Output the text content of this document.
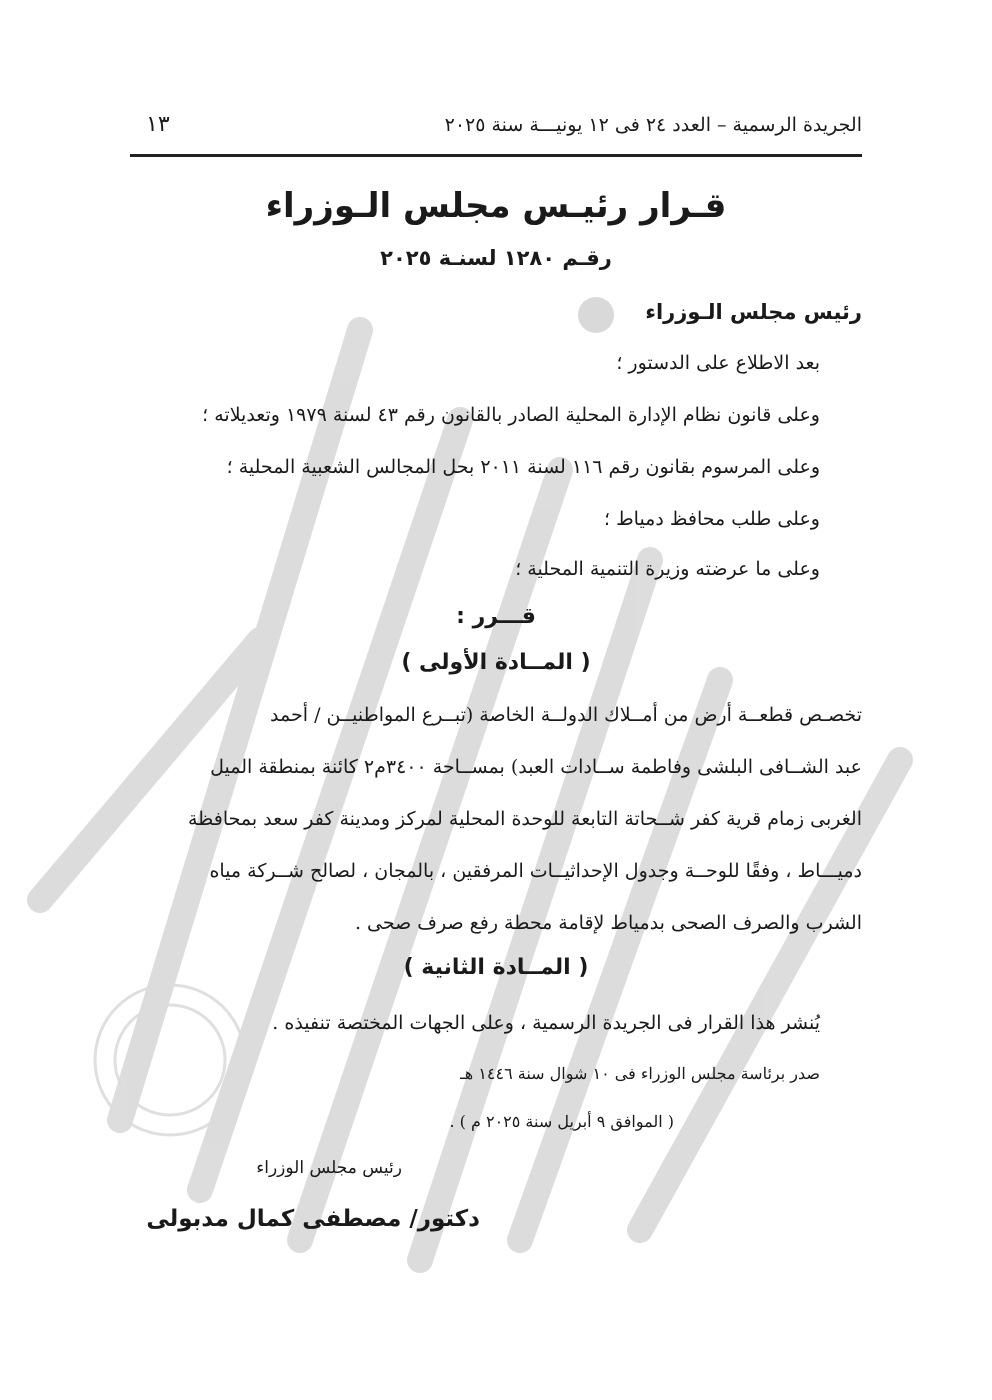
الجريدة الرسمية – العدد ٢٤ فى ١٢ يونيـــة سنة ٢٠٢٥
١٣
قـرار رئيـس مجلس الـوزراء
رقـم ١٢٨٠ لسنـة ٢٠٢٥
رئيس مجلس الـوزراء
بعد الاطلاع على الدستور ؛
وعلى قانون نظام الإدارة المحلية الصادر بالقانون رقم ٤٣ لسنة ١٩٧٩ وتعديلاته ؛
وعلى المرسوم بقانون رقم ١١٦ لسنة ٢٠١١ بحل المجالس الشعبية المحلية ؛
وعلى طلب محافظ دمياط ؛
وعلى ما عرضته وزيرة التنمية المحلية ؛
قـــرر :
( المــادة الأولى )
تخصـص قطعــة أرض من أمــلاك الدولــة الخاصة (تبــرع المواطنيــن / أحمد
عبد الشــافى البلشى وفاطمة ســادات العبد) بمســاحة ٣٤٠٠م٢ كائنة بمنطقة الميل
الغربى زمام قرية كفر شــحاتة التابعة للوحدة المحلية لمركز ومدينة كفر سعد بمحافظة
دميـــاط ، وفقًا للوحــة وجدول الإحداثيــات المرفقين ، بالمجان ، لصالح شــركة مياه
الشرب والصرف الصحى بدمياط لإقامة محطة رفع صرف صحى .
( المــادة الثانية )
يُنشر هذا القرار فى الجريدة الرسمية ، وعلى الجهات المختصة تنفيذه .
صدر برئاسة مجلس الوزراء فى ١٠ شوال سنة ١٤٤٦ هـ
( الموافق ٩ أبريل سنة ٢٠٢٥ م ) .
رئيس مجلس الوزراء
دكتور/ مصطفى كمال مدبولى
